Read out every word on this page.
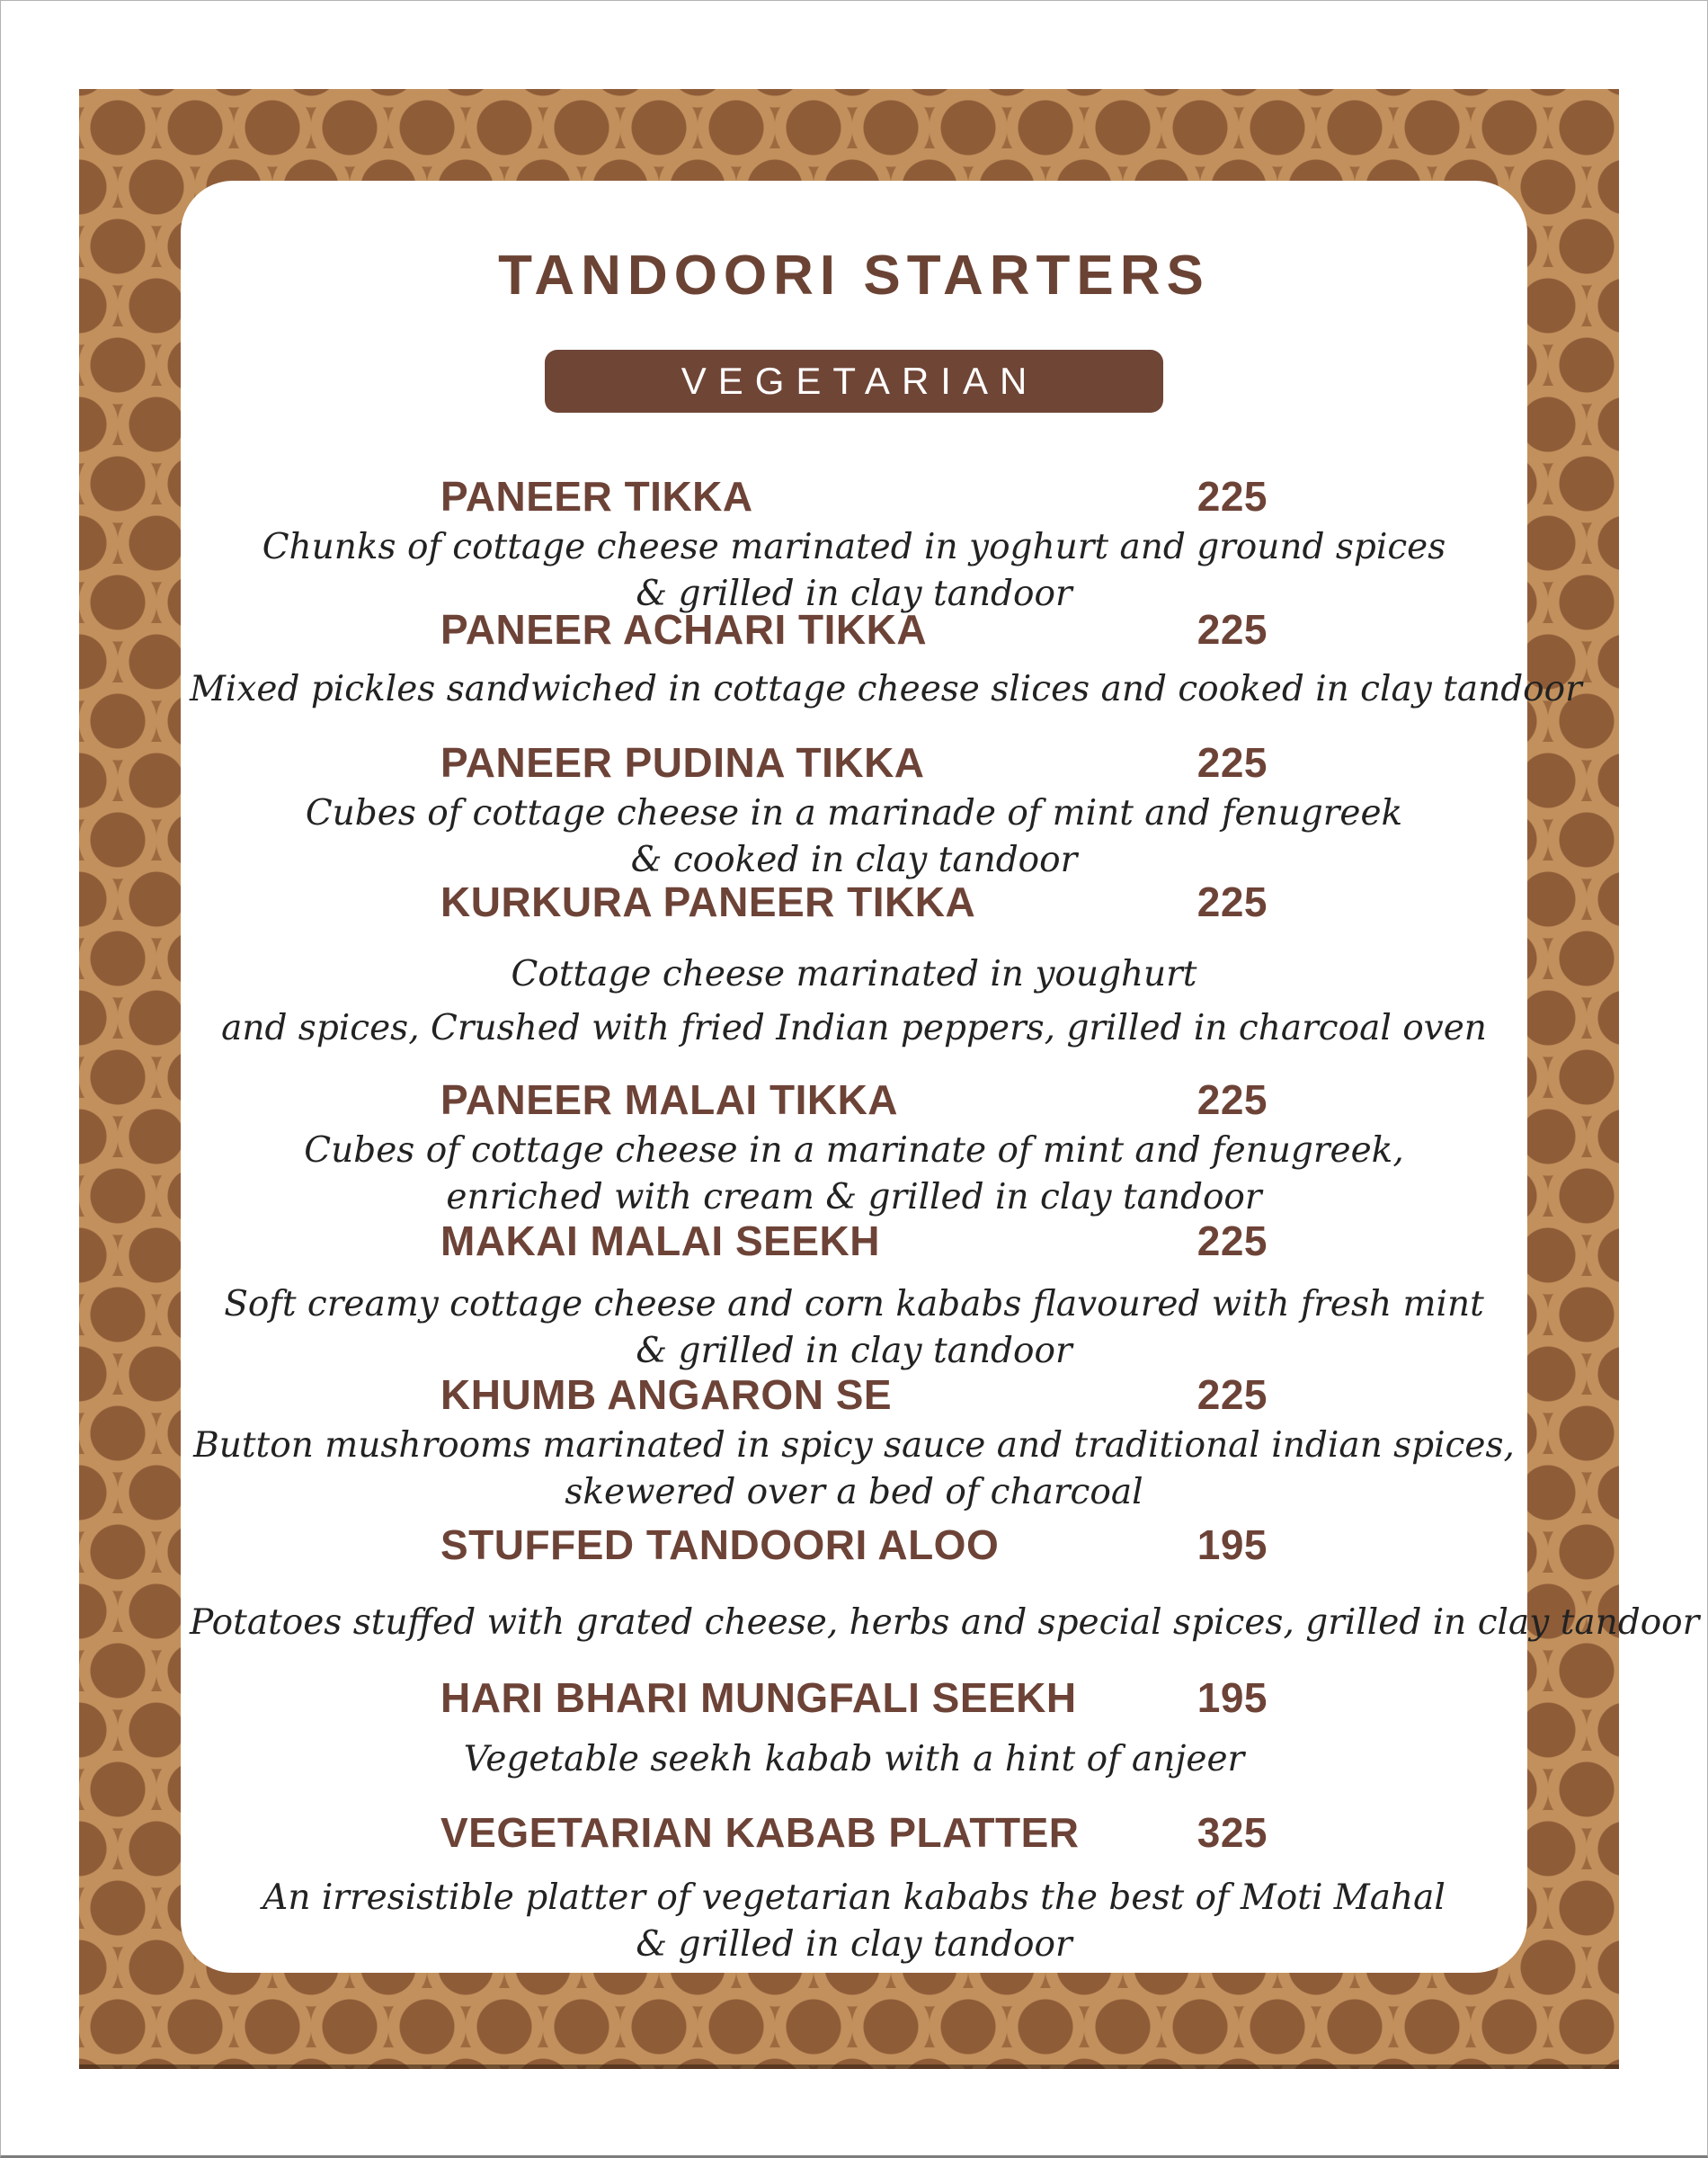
TANDOORI STARTERS
VEGETARIAN
PANEER TIKKA	225
Chunks of cottage cheese marinated in yoghurt and ground spices
& grilled in clay tandoor
PANEER ACHARI TIKKA	225
Mixed pickles sandwiched in cottage cheese slices and cooked in clay tandoor
PANEER PUDINA TIKKA	225
Cubes of cottage cheese in a marinade of mint and fenugreek
& cooked in clay tandoor
KURKURA PANEER TIKKA	225
Cottage cheese marinated in youghurt
and spices, Crushed with fried Indian peppers, grilled in charcoal oven
PANEER MALAI TIKKA	225
Cubes of cottage cheese in a marinate of mint and fenugreek,
enriched with cream & grilled in clay tandoor
MAKAI MALAI SEEKH	225
Soft creamy cottage cheese and corn kababs flavoured with fresh mint
& grilled in clay tandoor
KHUMB ANGARON SE	225
Button mushrooms marinated in spicy sauce and traditional indian spices,
skewered over a bed of charcoal
STUFFED TANDOORI ALOO	195
Potatoes stuffed with grated cheese, herbs and special spices, grilled in clay tandoor
HARI BHARI MUNGFALI SEEKH	195
Vegetable seekh kabab with a hint of anjeer
VEGETARIAN KABAB PLATTER	325
An irresistible platter of vegetarian kababs the best of Moti Mahal
& grilled in clay tandoor
